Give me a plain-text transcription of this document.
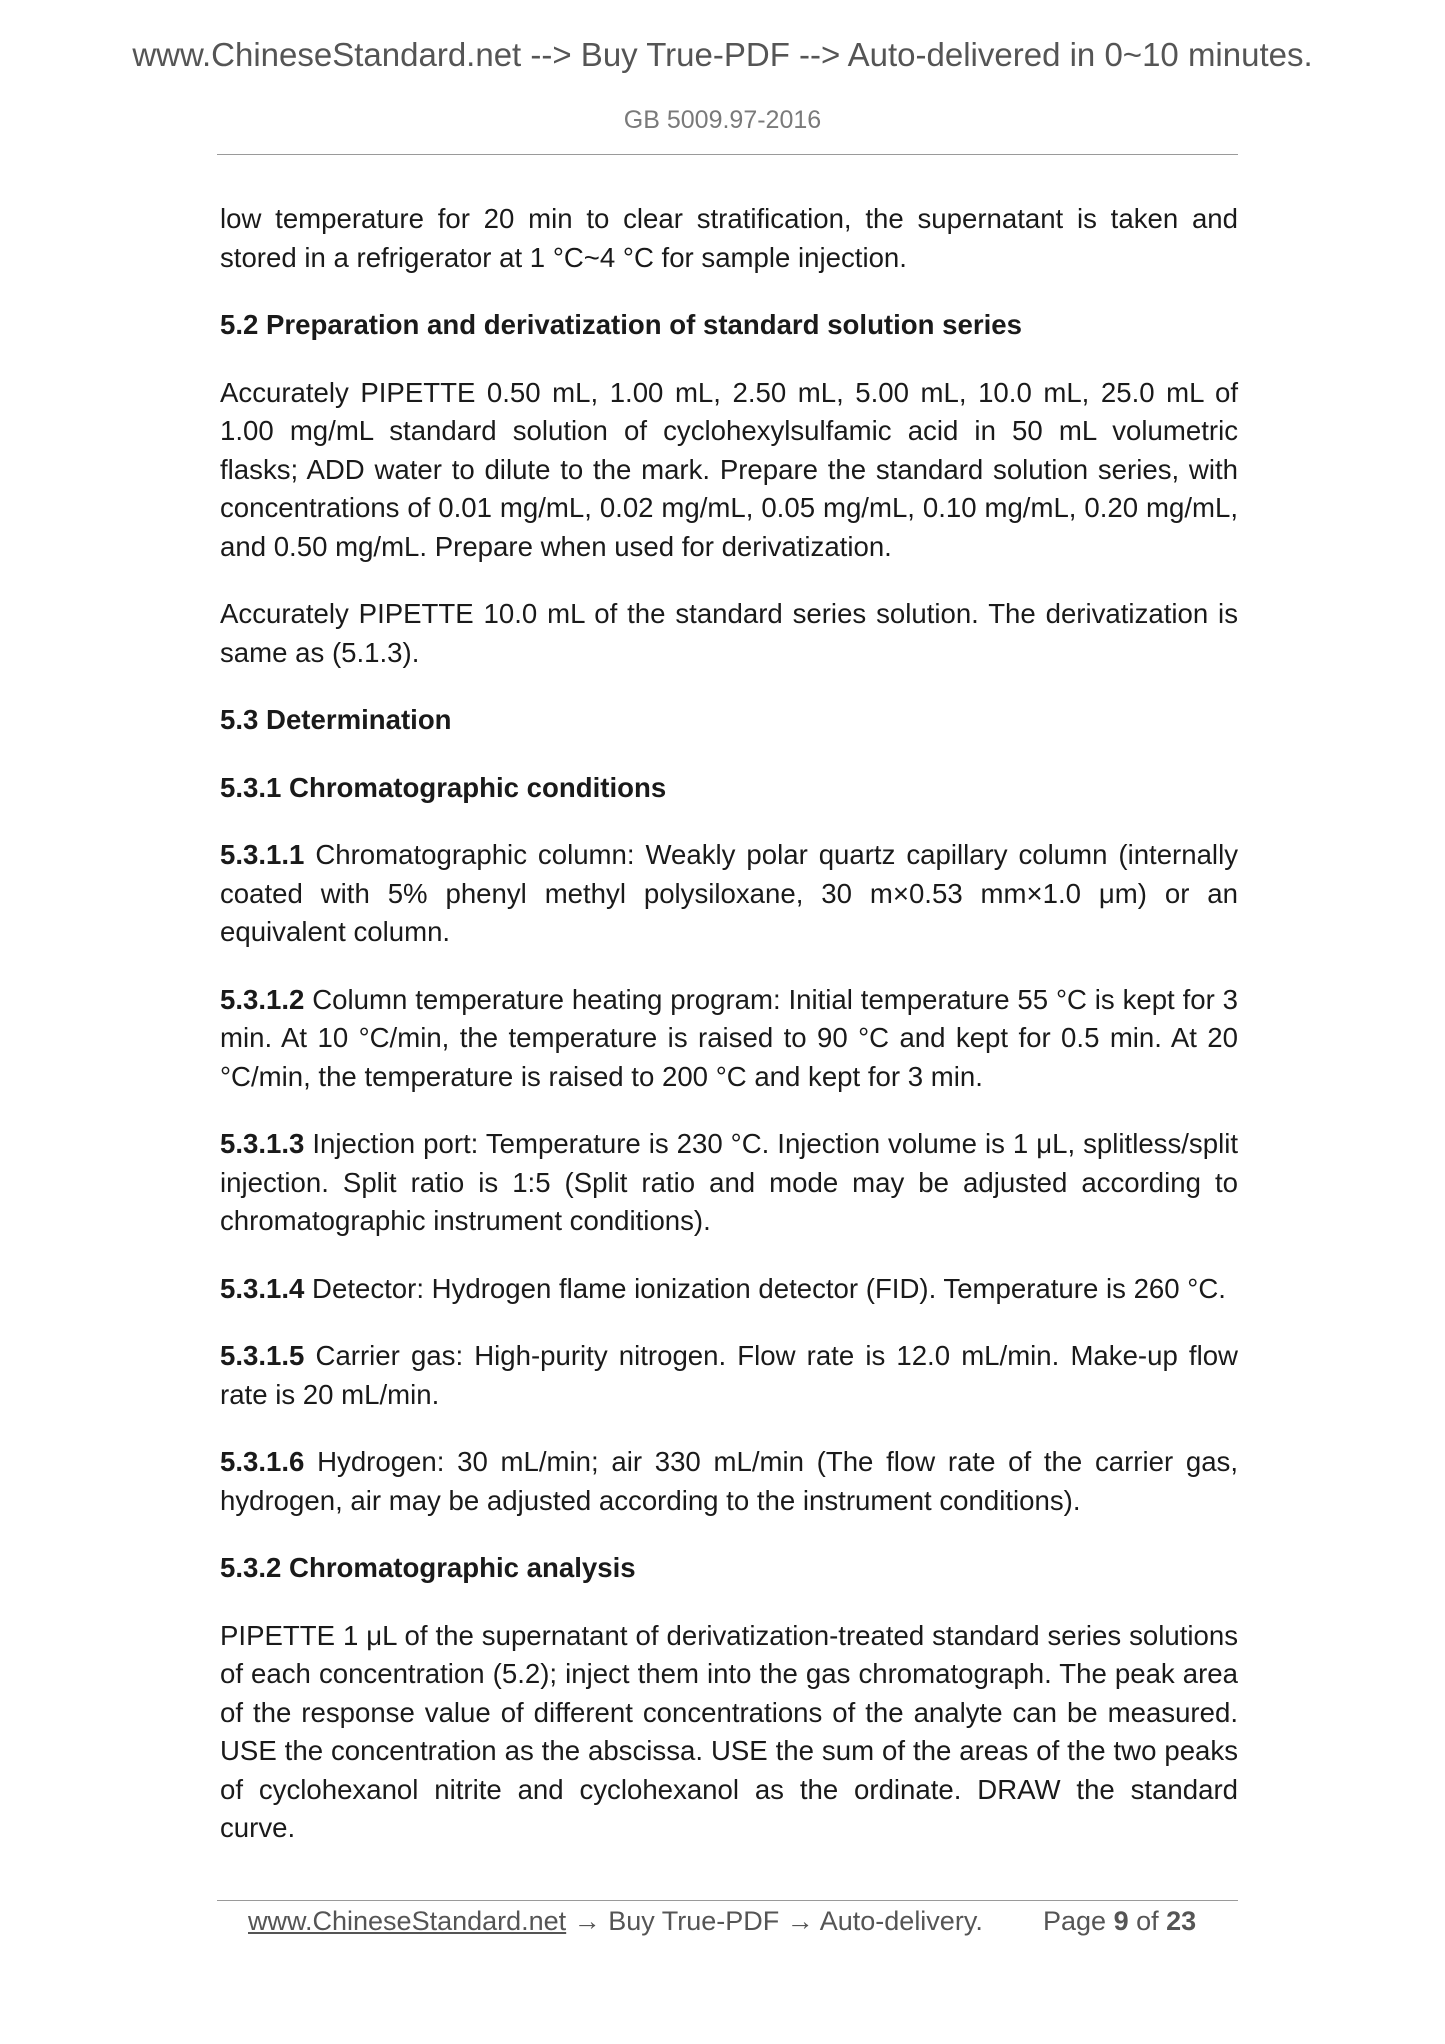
www.ChineseStandard.net --> Buy True-PDF --> Auto-delivered in 0~10 minutes.
GB 5009.97-2016

low temperature for 20 min to clear stratification, the supernatant is taken and stored in a refrigerator at 1 °C~4 °C for sample injection.

5.2 Preparation and derivatization of standard solution series

Accurately PIPETTE 0.50 mL, 1.00 mL, 2.50 mL, 5.00 mL, 10.0 mL, 25.0 mL of 1.00 mg/mL standard solution of cyclohexylsulfamic acid in 50 mL volumetric flasks; ADD water to dilute to the mark. Prepare the standard solution series, with concentrations of 0.01 mg/mL, 0.02 mg/mL, 0.05 mg/mL, 0.10 mg/mL, 0.20 mg/mL, and 0.50 mg/mL. Prepare when used for derivatization.

Accurately PIPETTE 10.0 mL of the standard series solution. The derivatization is same as (5.1.3).

5.3 Determination

5.3.1 Chromatographic conditions

5.3.1.1 Chromatographic column: Weakly polar quartz capillary column (internally coated with 5% phenyl methyl polysiloxane, 30 m×0.53 mm×1.0 μm) or an equivalent column.

5.3.1.2 Column temperature heating program: Initial temperature 55 °C is kept for 3 min. At 10 °C/min, the temperature is raised to 90 °C and kept for 0.5 min. At 20 °C/min, the temperature is raised to 200 °C and kept for 3 min.

5.3.1.3 Injection port: Temperature is 230 °C. Injection volume is 1 μL, splitless/split injection. Split ratio is 1:5 (Split ratio and mode may be adjusted according to chromatographic instrument conditions).

5.3.1.4 Detector: Hydrogen flame ionization detector (FID). Temperature is 260 °C.

5.3.1.5 Carrier gas: High-purity nitrogen. Flow rate is 12.0 mL/min. Make-up flow rate is 20 mL/min.

5.3.1.6 Hydrogen: 30 mL/min; air 330 mL/min (The flow rate of the carrier gas, hydrogen, air may be adjusted according to the instrument conditions).

5.3.2 Chromatographic analysis

PIPETTE 1 μL of the supernatant of derivatization-treated standard series solutions of each concentration (5.2); inject them into the gas chromatograph. The peak area of the response value of different concentrations of the analyte can be measured. USE the concentration as the abscissa. USE the sum of the areas of the two peaks of cyclohexanol nitrite and cyclohexanol as the ordinate. DRAW the standard curve.

www.ChineseStandard.net → Buy True-PDF → Auto-delivery. Page 9 of 23
